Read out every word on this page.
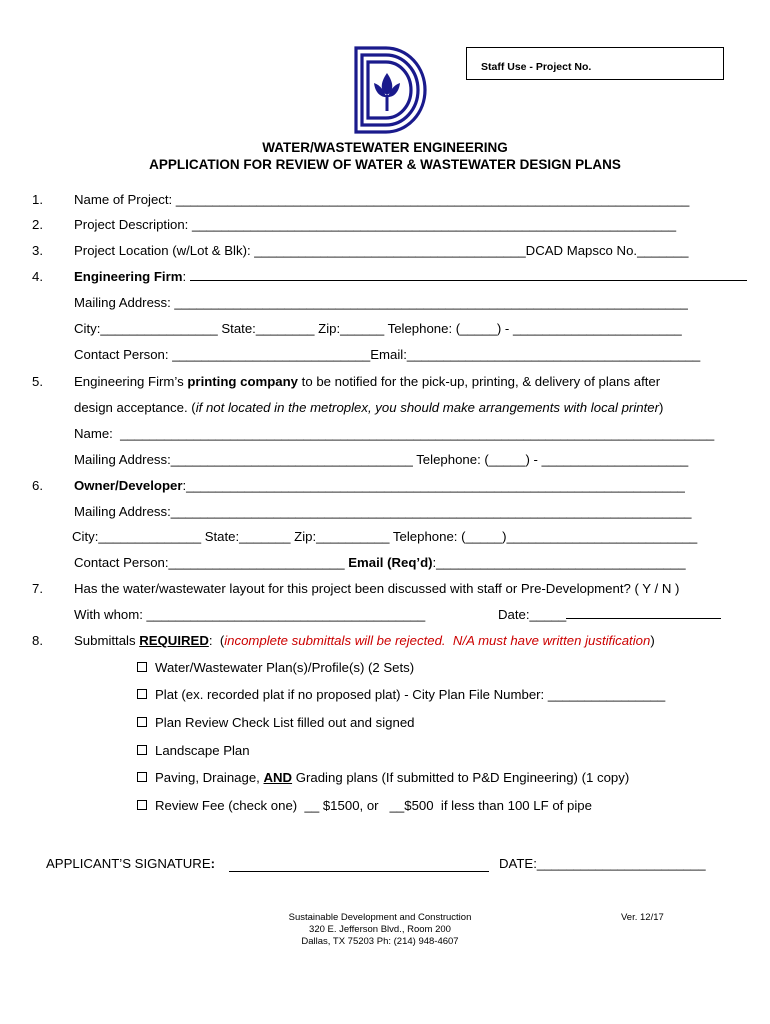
Staff Use - Project No.
WATER/WASTEWATER ENGINEERING
APPLICATION FOR REVIEW OF WATER & WASTEWATER DESIGN PLANS
1. Name of Project: ______________________________________________________________________
2. Project Description: __________________________________________________________________
3. Project Location (w/Lot & Blk): _____________________________________DCAD Mapsco No._______
4. Engineering Firm:
Mailing Address: ______________________________________________________________________
City:________________ State:________ Zip:______ Telephone: (_____) - _______________________
Contact Person: ___________________________Email:________________________________________
5. Engineering Firm’s printing company to be notified for the pick-up, printing, & delivery of plans after
design acceptance. (if not located in the metroplex, you should make arrangements with local printer)
Name:  _________________________________________________________________________________
Mailing Address:_________________________________ Telephone: (_____) - ____________________
6. Owner/Developer:____________________________________________________________________
Mailing Address:_______________________________________________________________________
City:______________ State:_______ Zip:__________ Telephone: (_____)__________________________
Contact Person:________________________ Email (Req’d):__________________________________
7. Has the water/wastewater layout for this project been discussed with staff or Pre-Development? ( Y / N )
With whom: ______________________________________	Date:_____
8. Submittals REQUIRED:  (incomplete submittals will be rejected.  N/A must have written justification)
Water/Wastewater Plan(s)/Profile(s) (2 Sets)
Plat (ex. recorded plat if no proposed plat) - City Plan File Number: ________________
Plan Review Check List filled out and signed
Landscape Plan
Paving, Drainage, AND Grading plans (If submitted to P&D Engineering) (1 copy)
Review Fee (check one)  __ $1500, or   __$500  if less than 100 LF of pipe
APPLICANT’S SIGNATURE:	DATE:_______________________
Sustainable Development and Construction
320 E. Jefferson Blvd., Room 200
Dallas, TX 75203 Ph: (214) 948-4607
Ver. 12/17
